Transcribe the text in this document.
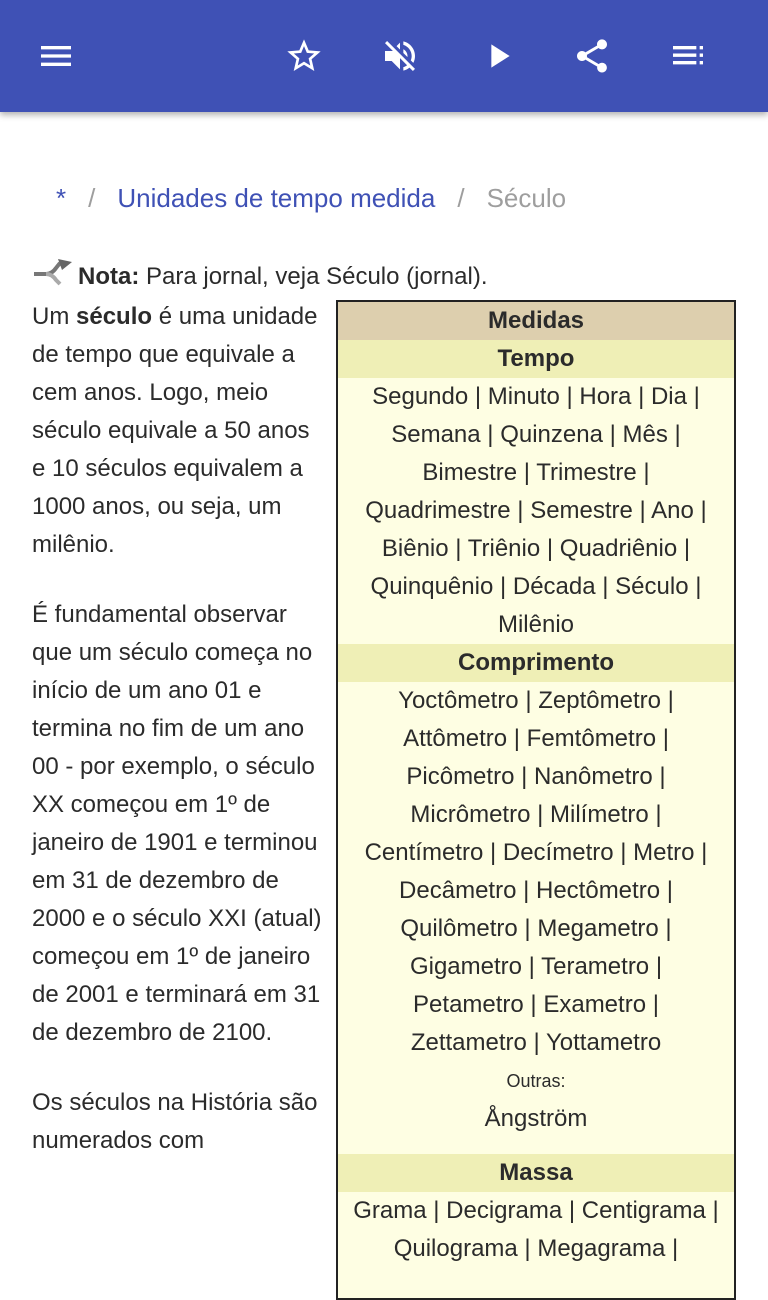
* / Unidades de tempo medida / Século
Nota: Para jornal, veja Século (jornal).

Um século é uma unidade de tempo que equivale a cem anos. Logo, meio século equivale a 50 anos e 10 séculos equivalem a 1000 anos, ou seja, um milênio.

É fundamental observar que um século começa no início de um ano 01 e termina no fim de um ano 00 - por exemplo, o século XX começou em 1º de janeiro de 1901 e terminou em 31 de dezembro de 2000 e o século XXI (atual) começou em 1º de janeiro de 2001 e terminará em 31 de dezembro de 2100.

Os séculos na História são numerados com

Medidas
Tempo
Segundo | Minuto | Hora | Dia |
Semana | Quinzena | Mês |
Bimestre | Trimestre |
Quadrimestre | Semestre | Ano |
Biênio | Triênio | Quadriênio |
Quinquênio | Década | Século |
Milênio
Comprimento
Yoctômetro | Zeptômetro |
Attômetro | Femtômetro |
Picômetro | Nanômetro |
Micrômetro | Milímetro |
Centímetro | Decímetro | Metro |
Decâmetro | Hectômetro |
Quilômetro | Megametro |
Gigametro | Terametro |
Petametro | Exametro |
Zettametro | Yottametro
Outras:
Ångström
Massa
Grama | Decigrama | Centigrama |
Quilograma | Megagrama |
